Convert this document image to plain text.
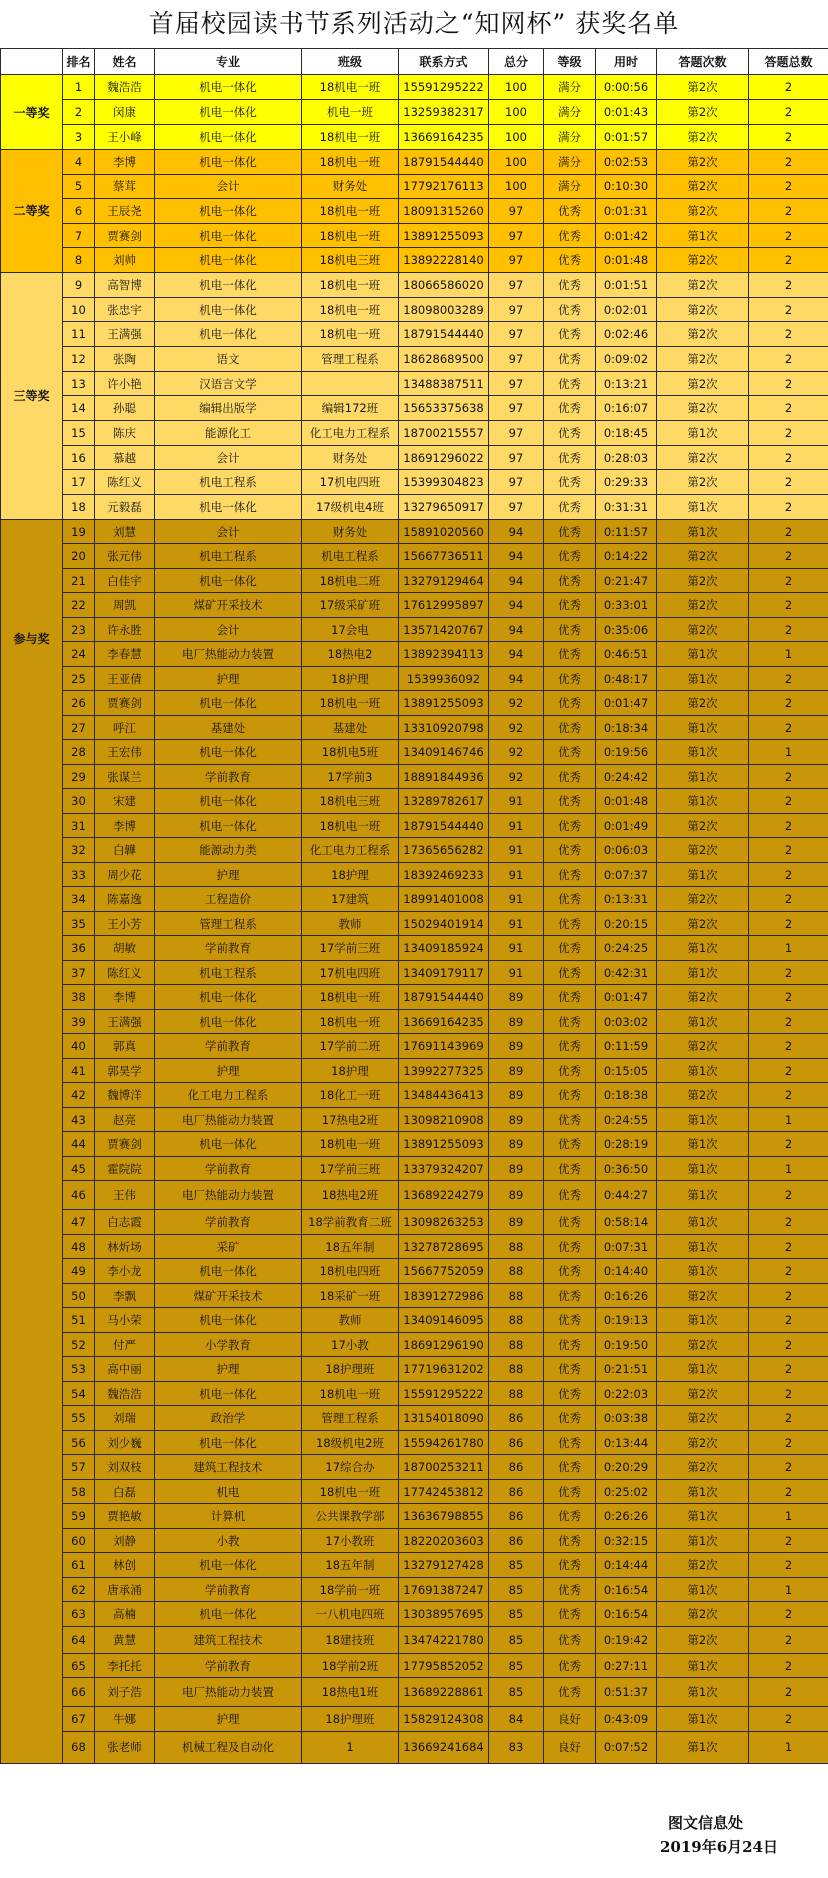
首届校园读书节系列活动之“知网杯” 获奖名单
	排名	姓名	专业	班级	联系方式	总分	等级	用时	答题次数	答题总数
一等奖	1	魏浩浩	机电一体化	18机电一班	15591295222	100	满分	0:00:56	第2次	2
	2	闵康	机电一体化	机电一班	13259382317	100	满分	0:01:43	第2次	2
	3	王小峰	机电一体化	18机电一班	13669164235	100	满分	0:01:57	第2次	2
二等奖	4	李博	机电一体化	18机电一班	18791544440	100	满分	0:02:53	第2次	2
	5	蔡茸	会计	财务处	17792176113	100	满分	0:10:30	第2次	2
	6	王辰尧	机电一体化	18机电一班	18091315260	97	优秀	0:01:31	第2次	2
	7	贾赛剑	机电一体化	18机电一班	13891255093	97	优秀	0:01:42	第1次	2
	8	刘帅	机电一体化	18机电三班	13892228140	97	优秀	0:01:48	第2次	2
三等奖	9	高智博	机电一体化	18机电一班	18066586020	97	优秀	0:01:51	第2次	2
	10	张忠宇	机电一体化	18机电一班	18098003289	97	优秀	0:02:01	第2次	2
	11	王满强	机电一体化	18机电一班	18791544440	97	优秀	0:02:46	第2次	2
	12	张陶	语文	管理工程系	18628689500	97	优秀	0:09:02	第2次	2
	13	许小艳	汉语言文学		13488387511	97	优秀	0:13:21	第2次	2
	14	孙聪	编辑出版学	编辑172班	15653375638	97	优秀	0:16:07	第2次	2
	15	陈庆	能源化工	化工电力工程系	18700215557	97	优秀	0:18:45	第1次	2
	16	慕越	会计	财务处	18691296022	97	优秀	0:28:03	第2次	2
	17	陈红义	机电工程系	17机电四班	15399304823	97	优秀	0:29:33	第2次	2
	18	元毅磊	机电一体化	17级机电4班	13279650917	97	优秀	0:31:31	第1次	2
参与奖	19	刘慧	会计	财务处	15891020560	94	优秀	0:11:57	第1次	2
	20	张元伟	机电工程系	机电工程系	15667736511	94	优秀	0:14:22	第2次	2
	21	白佳宇	机电一体化	18机电二班	13279129464	94	优秀	0:21:47	第2次	2
	22	周凯	煤矿开采技术	17级采矿班	17612995897	94	优秀	0:33:01	第2次	2
	23	许永胜	会计	17会电	13571420767	94	优秀	0:35:06	第2次	2
	24	李春慧	电厂热能动力装置	18热电2	13892394113	94	优秀	0:46:51	第1次	1
	25	王亚倩	护理	18护理	1539936092	94	优秀	0:48:17	第1次	2
	26	贾赛剑	机电一体化	18机电一班	13891255093	92	优秀	0:01:47	第2次	2
	27	呼江	基建处	基建处	13310920798	92	优秀	0:18:34	第1次	2
	28	王宏伟	机电一体化	18机电5班	13409146746	92	优秀	0:19:56	第1次	1
	29	张谋兰	学前教育	17学前3	18891844936	92	优秀	0:24:42	第1次	2
	30	宋建	机电一体化	18机电三班	13289782617	91	优秀	0:01:48	第1次	2
	31	李博	机电一体化	18机电一班	18791544440	91	优秀	0:01:49	第2次	2
	32	白韡	能源动力类	化工电力工程系	17365656282	91	优秀	0:06:03	第2次	2
	33	周少花	护理	18护理	18392469233	91	优秀	0:07:37	第1次	2
	34	陈嘉逸	工程造价	17建筑	18991401008	91	优秀	0:13:31	第2次	2
	35	王小芳	管理工程系	教师	15029401914	91	优秀	0:20:15	第2次	2
	36	胡敏	学前教育	17学前三班	13409185924	91	优秀	0:24:25	第1次	1
	37	陈红义	机电工程系	17机电四班	13409179117	91	优秀	0:42:31	第1次	2
	38	李博	机电一体化	18机电一班	18791544440	89	优秀	0:01:47	第2次	2
	39	王满强	机电一体化	18机电一班	13669164235	89	优秀	0:03:02	第1次	2
	40	郭真	学前教育	17学前二班	17691143969	89	优秀	0:11:59	第2次	2
	41	郭昊学	护理	18护理	13992277325	89	优秀	0:15:05	第1次	2
	42	魏博洋	化工电力工程系	18化工一班	13484436413	89	优秀	0:18:38	第2次	2
	43	赵亮	电厂热能动力装置	17热电2班	13098210908	89	优秀	0:24:55	第1次	1
	44	贾赛剑	机电一体化	18机电一班	13891255093	89	优秀	0:28:19	第1次	2
	45	霍院院	学前教育	17学前三班	13379324207	89	优秀	0:36:50	第1次	1
	46	王伟	电厂热能动力装置	18热电2班	13689224279	89	优秀	0:44:27	第1次	2
	47	白志霞	学前教育	18学前教育二班	13098263253	89	优秀	0:58:14	第1次	2
	48	林炘场	采矿	18五年制	13278728695	88	优秀	0:07:31	第1次	2
	49	李小龙	机电一体化	18机电四班	15667752059	88	优秀	0:14:40	第1次	2
	50	李飘	煤矿开采技术	18采矿一班	18391272986	88	优秀	0:16:26	第2次	2
	51	马小荣	机电一体化	教师	13409146095	88	优秀	0:19:13	第1次	2
	52	付严	小学教育	17小教	18691296190	88	优秀	0:19:50	第2次	2
	53	高中丽	护理	18护理班	17719631202	88	优秀	0:21:51	第1次	2
	54	魏浩浩	机电一体化	18机电一班	15591295222	88	优秀	0:22:03	第2次	2
	55	刘瑞	政治学	管理工程系	13154018090	86	优秀	0:03:38	第2次	2
	56	刘少巍	机电一体化	18级机电2班	15594261780	86	优秀	0:13:44	第2次	2
	57	刘双枝	建筑工程技术	17综合办	18700253211	86	优秀	0:20:29	第2次	2
	58	白磊	机电	18机电一班	17742453812	86	优秀	0:25:02	第1次	2
	59	贾艳敏	计算机	公共课教学部	13636798855	86	优秀	0:26:26	第1次	1
	60	刘静	小教	17小教班	18220203603	86	优秀	0:32:15	第1次	2
	61	林创	机电一体化	18五年制	13279127428	85	优秀	0:14:44	第2次	2
	62	唐承涌	学前教育	18学前一班	17691387247	85	优秀	0:16:54	第1次	1
	63	高楠	机电一体化	一八机电四班	13038957695	85	优秀	0:16:54	第2次	2
	64	黄慧	建筑工程技术	18建技班	13474221780	85	优秀	0:19:42	第2次	2
	65	李托托	学前教育	18学前2班	17795852052	85	优秀	0:27:11	第1次	2
	66	刘子浩	电厂热能动力装置	18热电1班	13689228861	85	优秀	0:51:37	第1次	2
	67	牛娜	护理	18护理班	15829124308	84	良好	0:43:09	第1次	2
	68	张老师	机械工程及自动化	1	13669241684	83	良好	0:07:52	第1次	1
图文信息处
2019年6月24日
